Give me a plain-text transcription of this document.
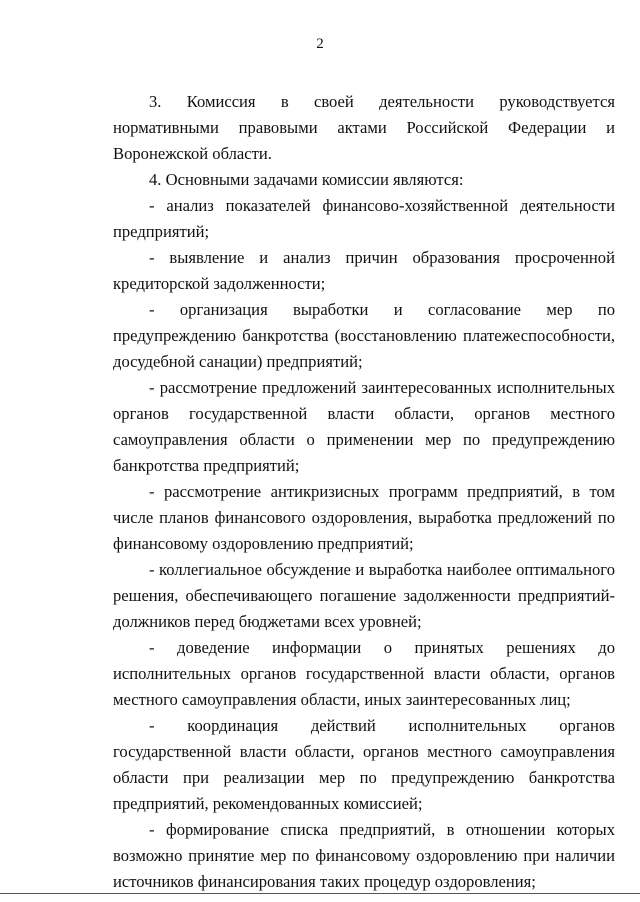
2

3. Комиссия в своей деятельности руководствуется нормативными правовыми актами Российской Федерации и Воронежской области.

4. Основными задачами комиссии являются:

- анализ показателей финансово-хозяйственной деятельности предприятий;

- выявление и анализ причин образования просроченной кредиторской задолженности;

- организация выработки и согласование мер по предупреждению банкротства (восстановлению платежеспособности, досудебной санации) предприятий;

- рассмотрение предложений заинтересованных исполнительных органов государственной власти области, органов местного самоуправления области о применении мер по предупреждению банкротства предприятий;

- рассмотрение антикризисных программ предприятий, в том числе планов финансового оздоровления, выработка предложений по финансовому оздоровлению предприятий;

- коллегиальное обсуждение и выработка наиболее оптимального решения, обеспечивающего погашение задолженности предприятий-должников перед бюджетами всех уровней;

- доведение информации о принятых решениях до исполнительных органов государственной власти области, органов местного самоуправления области, иных заинтересованных лиц;

- координация действий исполнительных органов государственной власти области, органов местного самоуправления области при реализации мер по предупреждению банкротства предприятий, рекомендованных комиссией;

- формирование списка предприятий, в отношении которых возможно принятие мер по финансовому оздоровлению при наличии источников финансирования таких процедур оздоровления;
